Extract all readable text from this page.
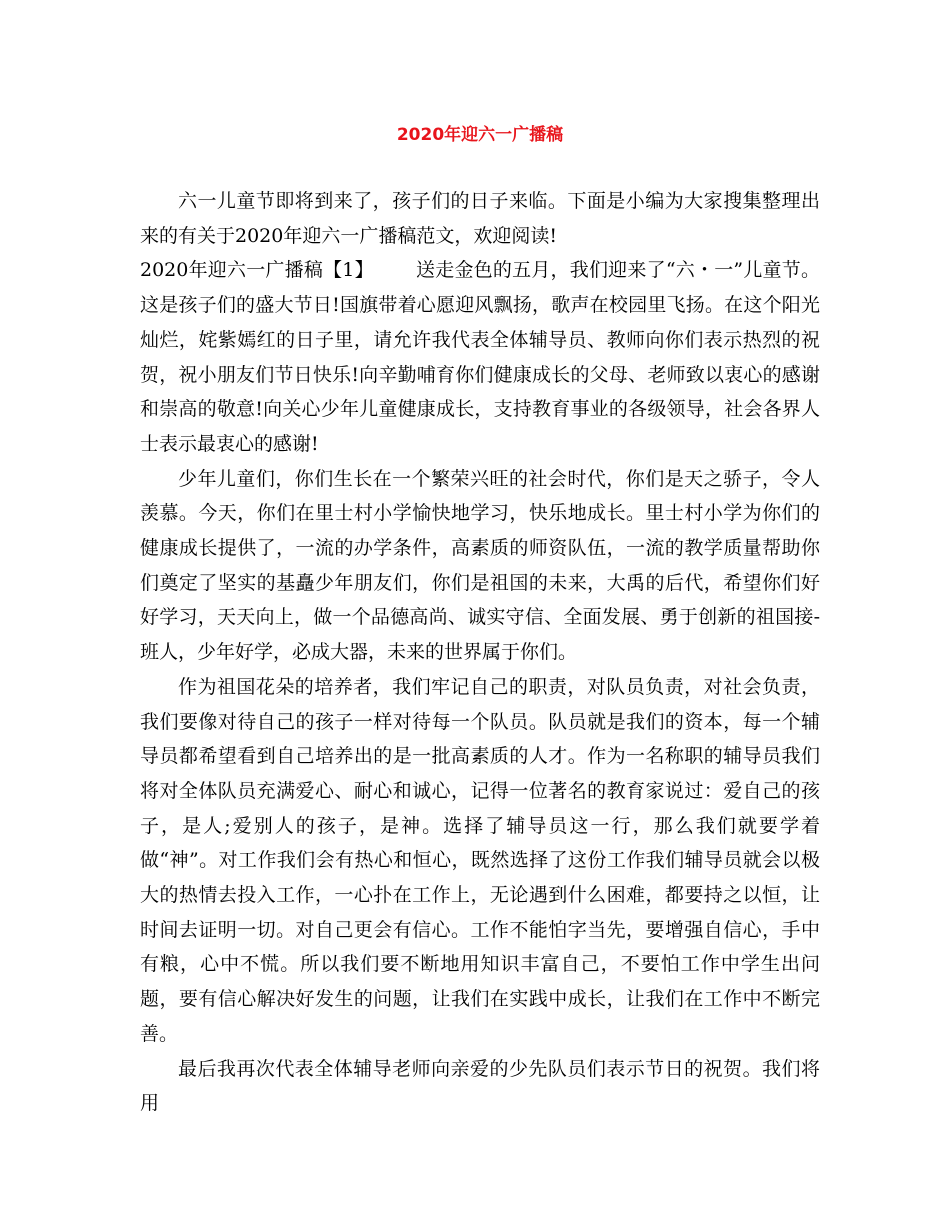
2020年迎六一广播稿

六一儿童节即将到来了，孩子们的日子来临。下面是小编为大家搜集整理出来的有关于2020年迎六一广播稿范文，欢迎阅读!

2020年迎六一广播稿【1】 送走金色的五月，我们迎来了“六・一”儿童节。这是孩子们的盛大节日!国旗带着心愿迎风飘扬，歌声在校园里飞扬。在这个阳光灿烂，姹紫嫣红的日子里，请允许我代表全体辅导员、教师向你们表示热烈的祝贺，祝小朋友们节日快乐!向辛勤哺育你们健康成长的父母、老师致以衷心的感谢和崇高的敬意!向关心少年儿童健康成长，支持教育事业的各级领导，社会各界人士表示最衷心的感谢!

少年儿童们，你们生长在一个繁荣兴旺的社会时代，你们是天之骄子，令人羡慕。今天，你们在里士村小学愉快地学习，快乐地成长。里士村小学为你们的健康成长提供了，一流的办学条件，高素质的师资队伍，一流的教学质量帮助你们奠定了坚实的基矗少年朋友们，你们是祖国的未来，大禹的后代，希望你们好好学习，天天向上，做一个品德高尚、诚实守信、全面发展、勇于创新的祖国接-班人，少年好学，必成大器，未来的世界属于你们。

作为祖国花朵的培养者，我们牢记自己的职责，对队员负责，对社会负责，我们要像对待自己的孩子一样对待每一个队员。队员就是我们的资本，每一个辅导员都希望看到自己培养出的是一批高素质的人才。作为一名称职的辅导员我们将对全体队员充满爱心、耐心和诚心，记得一位著名的教育家说过：爱自己的孩子，是人;爱别人的孩子，是神。选择了辅导员这一行，那么我们就要学着做“神”。对工作我们会有热心和恒心，既然选择了这份工作我们辅导员就会以极大的热情去投入工作，一心扑在工作上，无论遇到什么困难，都要持之以恒，让时间去证明一切。对自己更会有信心。工作不能怕字当先，要增强自信心，手中有粮，心中不慌。所以我们要不断地用知识丰富自己，不要怕工作中学生出问题，要有信心解决好发生的问题，让我们在实践中成长，让我们在工作中不断完善。

最后我再次代表全体辅导老师向亲爱的少先队员们表示节日的祝贺。我们将用
